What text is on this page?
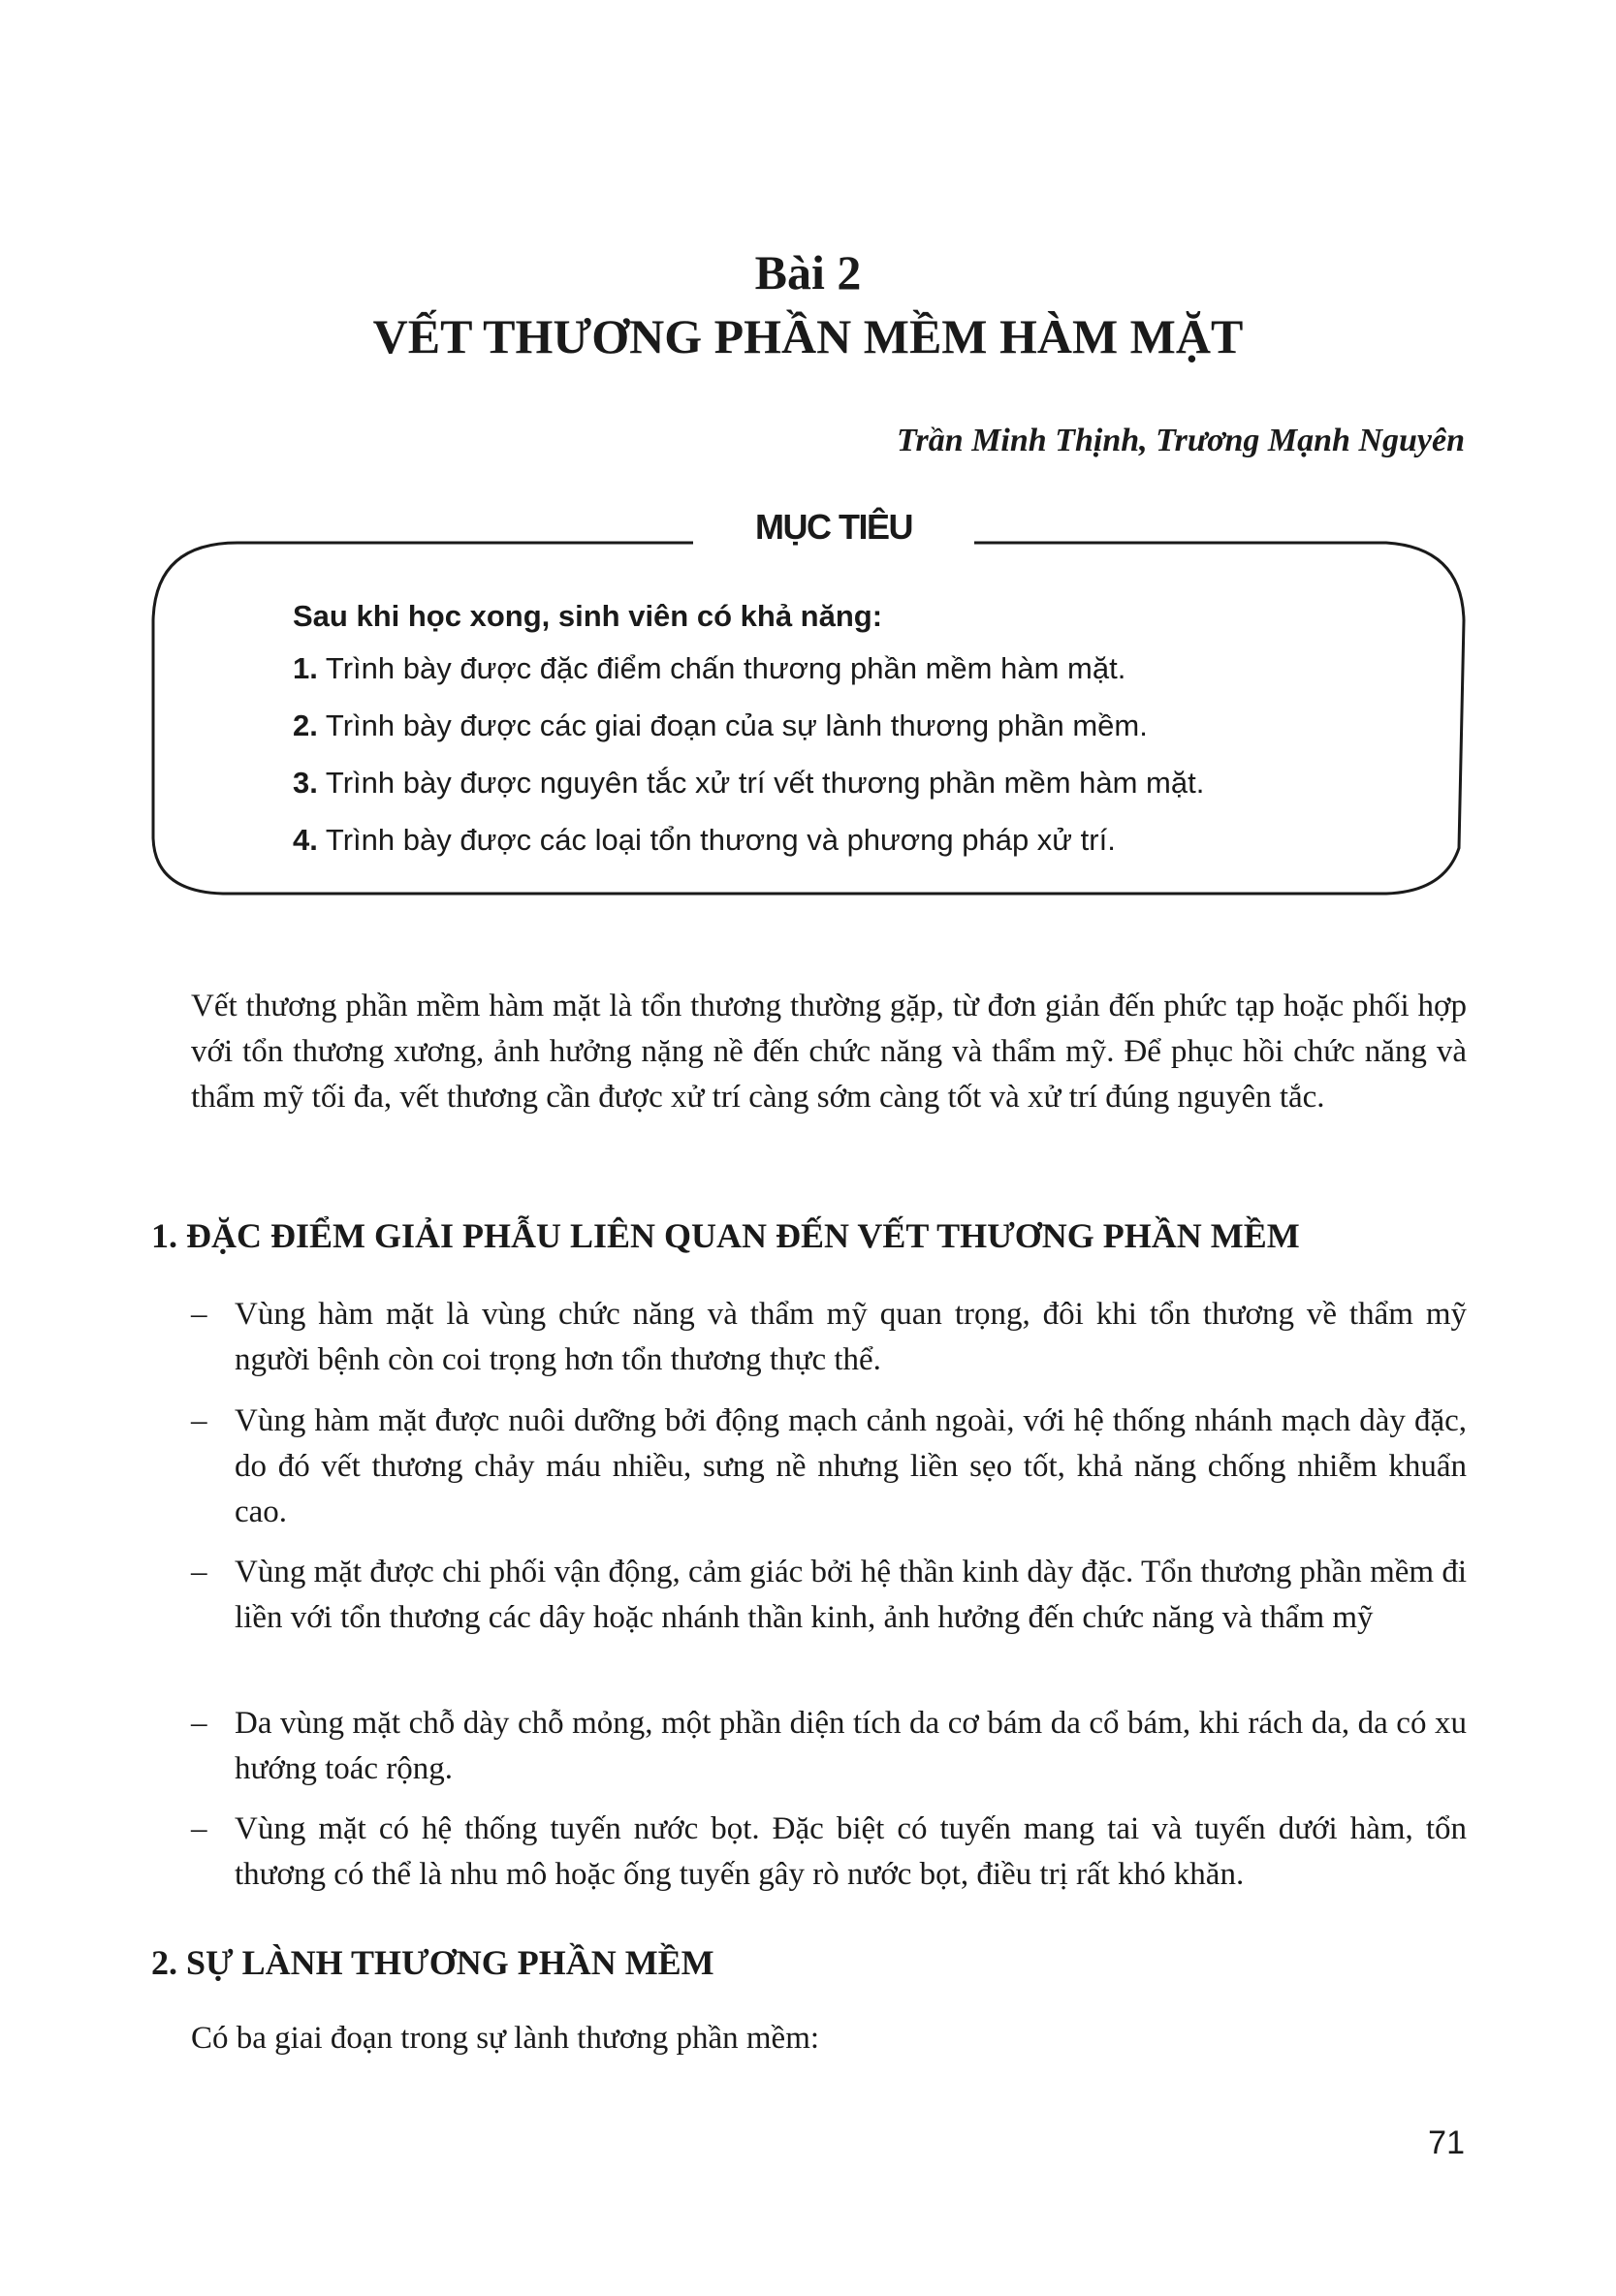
Bài 2
VẾT THƯƠNG PHẦN MỀM HÀM MẶT
Trần Minh Thịnh, Trương Mạnh Nguyên
MỤC TIÊU
Sau khi học xong, sinh viên có khả năng:
1. Trình bày được đặc điểm chấn thương phần mềm hàm mặt.
2. Trình bày được các giai đoạn của sự lành thương phần mềm.
3. Trình bày được nguyên tắc xử trí vết thương phần mềm hàm mặt.
4. Trình bày được các loại tổn thương và phương pháp xử trí.
Vết thương phần mềm hàm mặt là tổn thương thường gặp, từ đơn giản đến phức tạp hoặc phối hợp với tổn thương xương, ảnh hưởng nặng nề đến chức năng và thẩm mỹ. Để phục hồi chức năng và thẩm mỹ tối đa, vết thương cần được xử trí càng sớm càng tốt và xử trí đúng nguyên tắc.
1. ĐẶC ĐIỂM GIẢI PHẪU LIÊN QUAN ĐẾN VẾT THƯƠNG PHẦN MỀM
– Vùng hàm mặt là vùng chức năng và thẩm mỹ quan trọng, đôi khi tổn thương về thẩm mỹ người bệnh còn coi trọng hơn tổn thương thực thể.
– Vùng hàm mặt được nuôi dưỡng bởi động mạch cảnh ngoài, với hệ thống nhánh mạch dày đặc, do đó vết thương chảy máu nhiều, sưng nề nhưng liền sẹo tốt, khả năng chống nhiễm khuẩn cao.
– Vùng mặt được chi phối vận động, cảm giác bởi hệ thần kinh dày đặc. Tổn thương phần mềm đi liền với tổn thương các dây hoặc nhánh thần kinh, ảnh hưởng đến chức năng và thẩm mỹ
– Da vùng mặt chỗ dày chỗ mỏng, một phần diện tích da cơ bám da cổ bám, khi rách da, da có xu hướng toác rộng.
– Vùng mặt có hệ thống tuyến nước bọt. Đặc biệt có tuyến mang tai và tuyến dưới hàm, tổn thương có thể là nhu mô hoặc ống tuyến gây rò nước bọt, điều trị rất khó khăn.
2. SỰ LÀNH THƯƠNG PHẦN MỀM
Có ba giai đoạn trong sự lành thương phần mềm:
71
